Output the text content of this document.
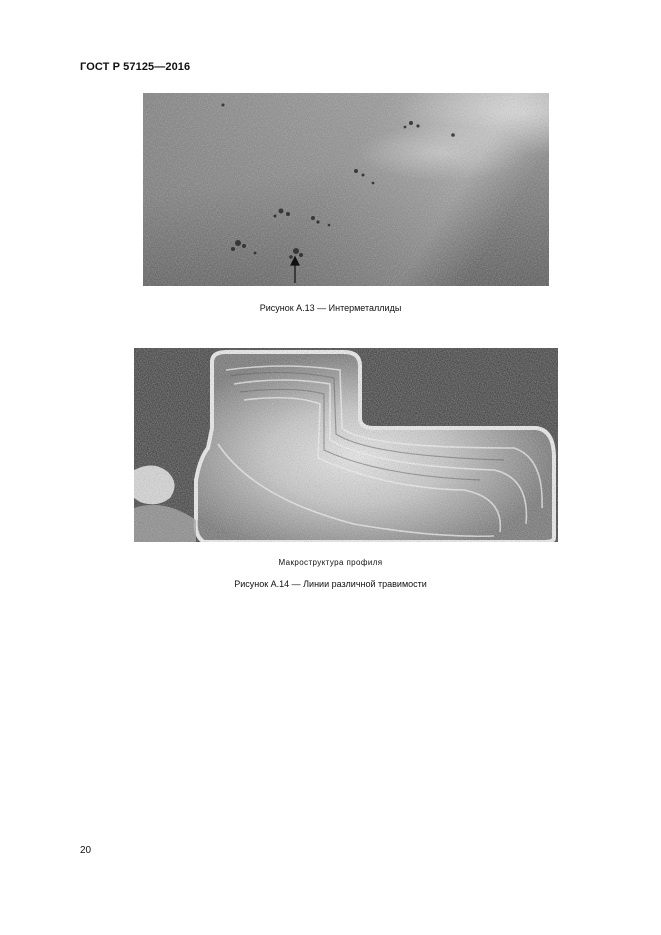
ГОСТ Р 57125—2016
Рисунок А.13 — Интерметаллиды
Макроструктура профиля
Рисунок А.14 — Линии различной травимости
20
